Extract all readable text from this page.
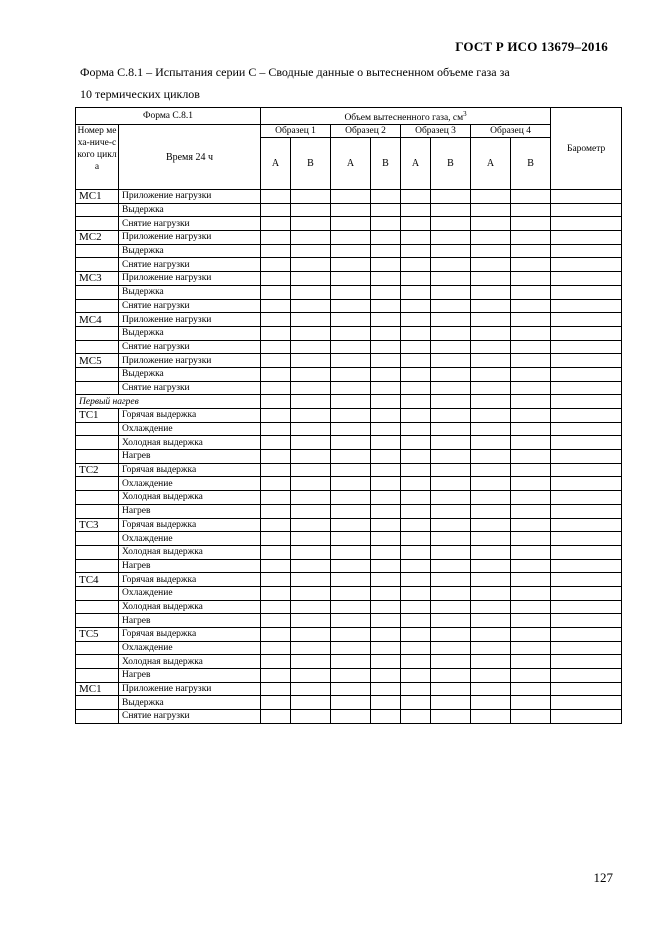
ГОСТ Р ИСО 13679–2016
Форма С.8.1 – Испытания серии С – Сводные данные о вытесненном объеме газа за
10 термических циклов
Форма С.8.1		Объем вытесненного газа, $см^3$								Барометр

Номер меха-ниче-ского цикла	Время 24 ч	Образец 1		Образец 2		Образец 3		Образец 4		
		A	B	A	B	A	B	A	B	
MC1	Приложение нагрузки									
	Выдержка									
	Снятие нагрузки									
MC2	Приложение нагрузки									
	Выдержка									
	Снятие нагрузки									
MC3	Приложение нагрузки									
	Выдержка									
	Снятие нагрузки									
MC4	Приложение нагрузки									
	Выдержка									
	Снятие нагрузки									
MC5	Приложение нагрузки									
	Выдержка									
	Снятие нагрузки									
Первый нагрев										
TC1	Горячая выдержка									
	Охлаждение									
	Холодная выдержка									
	Нагрев									
TC2	Горячая выдержка									
	Охлаждение									
	Холодная выдержка									
	Нагрев									
TC3	Горячая выдержка									
	Охлаждение									
	Холодная выдержка									
	Нагрев									
TC4	Горячая выдержка									
	Охлаждение									
	Холодная выдержка									
	Нагрев									
TC5	Горячая выдержка									
	Охлаждение									
	Холодная выдержка									
	Нагрев									
MC1	Приложение нагрузки									
	Выдержка									
	Снятие нагрузки									
127
